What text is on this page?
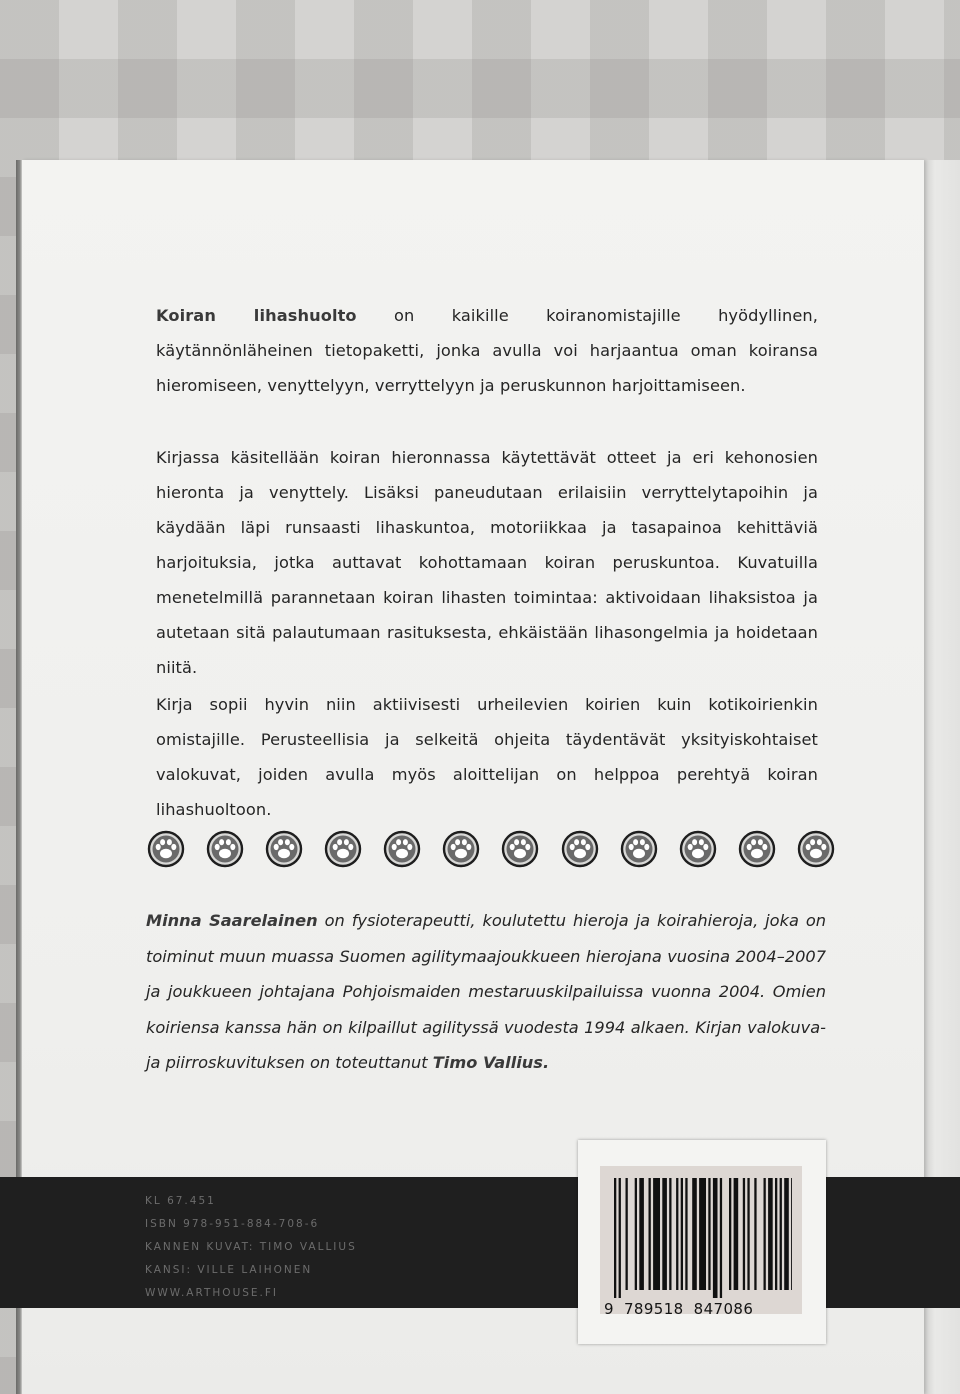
Koiran lihashuolto on kaikille koiranomistajille hyödyllinen, käytännönläheinen tietopaketti, jonka avulla voi harjaantua oman koiransa hieromiseen, venyttelyyn, verryttelyyn ja peruskunnon harjoittamiseen.

Kirjassa käsitellään koiran hieronnassa käytettävät otteet ja eri kehonosien hieronta ja venyttely. Lisäksi paneudutaan erilaisiin verryttelytapoihin ja käydään läpi runsaasti lihaskuntoa, motoriikkaa ja tasapainoa kehittäviä harjoituksia, jotka auttavat kohottamaan koiran peruskuntoa. Kuvatuilla menetelmillä parannetaan koiran lihasten toimintaa: aktivoidaan lihaksistoa ja autetaan sitä palautumaan rasituksesta, ehkäistään lihasongelmia ja hoidetaan niitä.

Kirja sopii hyvin niin aktiivisesti urheilevien koirien kuin kotikoirienkin omistajille. Perusteellisia ja selkeitä ohjeita täydentävät yksityiskohtaiset valokuvat, joiden avulla myös aloittelijan on helppoa perehtyä koiran lihashuoltoon.

Minna Saarelainen on fysioterapeutti, koulutettu hieroja ja koirahieroja, joka on toiminut muun muassa Suomen agilitymaajoukkueen hierojana vuosina 2004–2007 ja joukkueen johtajana Pohjoismaiden mestaruuskilpailuissa vuonna 2004. Omien koiriensa kanssa hän on kilpaillut agilityssä vuodesta 1994 alkaen. Kirjan valokuva- ja piirroskuvituksen on toteuttanut Timo Vallius.

KL 67.451
ISBN 978-951-884-708-6
KANNEN KUVAT: TIMO VALLIUS
KANSI: VILLE LAIHONEN
WWW.ARTHOUSE.FI
9 789518 847086
